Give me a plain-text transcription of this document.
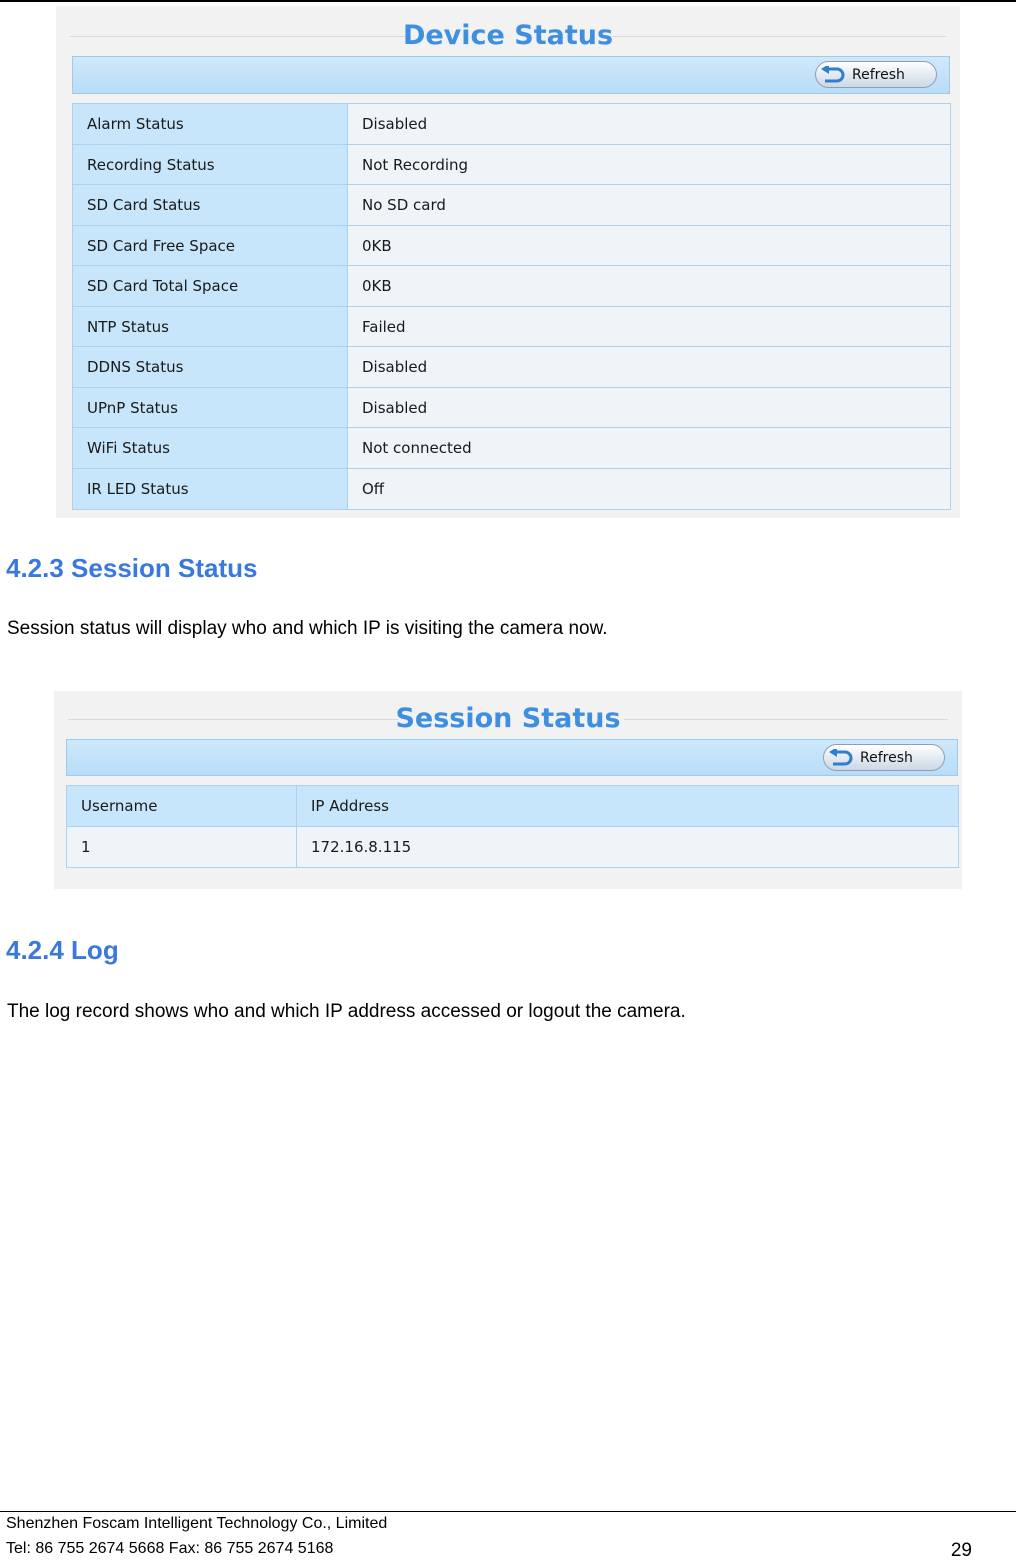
Device Status
Refresh
Alarm Status	Disabled
Recording Status	Not Recording
SD Card Status	No SD card
SD Card Free Space	0KB
SD Card Total Space	0KB
NTP Status	Failed
DDNS Status	Disabled
UPnP Status	Disabled
WiFi Status	Not connected
IR LED Status	Off
4.2.3 Session Status

Session status will display who and which IP is visiting the camera now.

Session Status
Refresh
Username	IP Address
1	172.16.8.115
4.2.4 Log

The log record shows who and which IP address accessed or logout the camera.

Shenzhen Foscam Intelligent Technology Co., Limited
Tel: 86 755 2674 5668 Fax: 86 755 2674 5168	29
